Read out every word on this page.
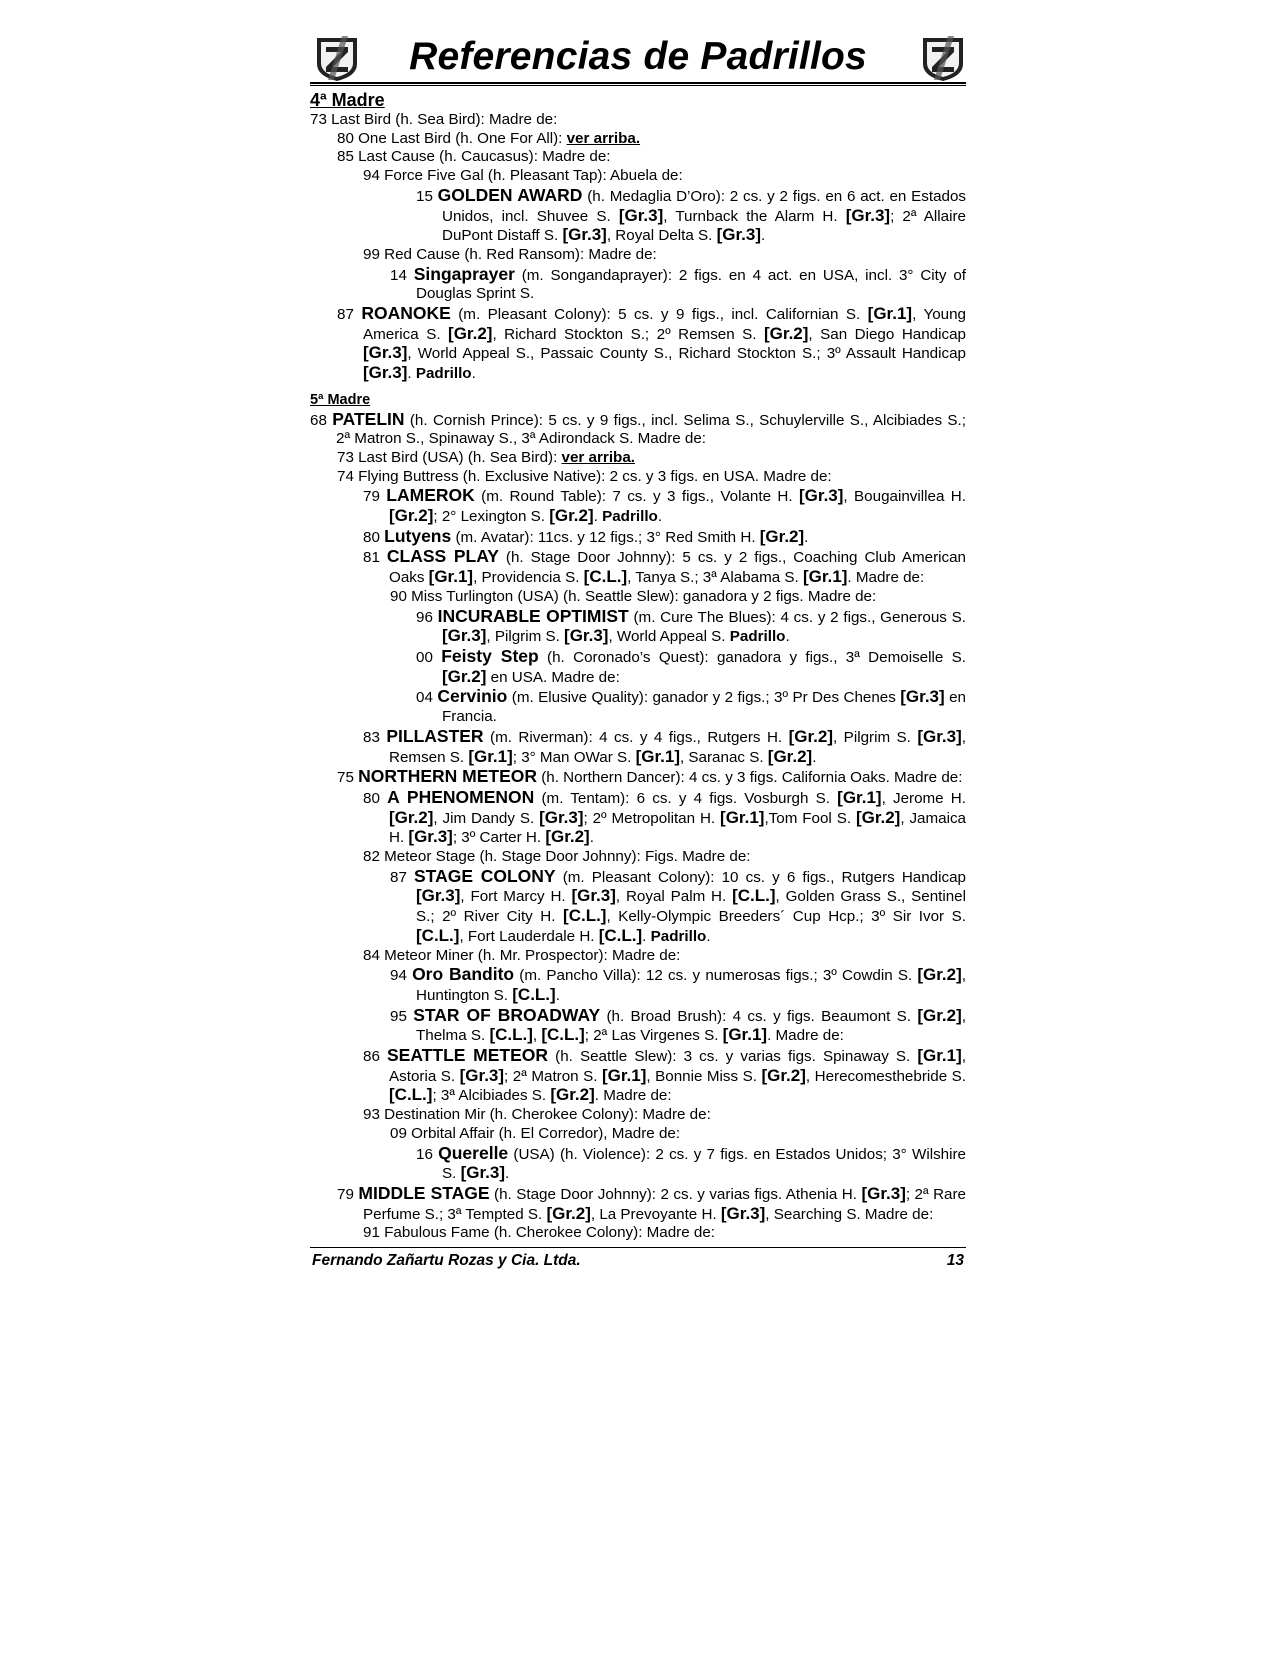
Referencias de Padrillos
4ª Madre
73 Last Bird (h. Sea Bird): Madre de:
80 One Last Bird (h. One For All): ver arriba.
85 Last Cause (h. Caucasus): Madre de:
94 Force Five Gal (h. Pleasant Tap): Abuela de:
15 GOLDEN AWARD (h. Medaglia D’Oro): 2 cs. y 2 figs. en 6 act. en Estados Unidos, incl. Shuvee S. [Gr.3], Turnback the Alarm H. [Gr.3]; 2ª Allaire DuPont Distaff S. [Gr.3], Royal Delta S. [Gr.3].
99 Red Cause (h. Red Ransom): Madre de:
14 Singaprayer (m. Songandaprayer): 2 figs. en 4 act. en USA, incl. 3° City of Douglas Sprint S.
87 ROANOKE (m. Pleasant Colony): 5 cs. y 9 figs., incl. Californian S. [Gr.1], Young America S. [Gr.2], Richard Stockton S.; 2º Remsen S. [Gr.2], San Diego Handicap [Gr.3], World Appeal S., Passaic County S., Richard Stockton S.; 3º Assault Handicap [Gr.3]. Padrillo.
5ª Madre
68 PATELIN (h. Cornish Prince): 5 cs. y 9 figs., incl. Selima S., Schuylerville S., Alcibiades S.; 2ª Matron S., Spinaway S., 3ª Adirondack S. Madre de:
73 Last Bird (USA) (h. Sea Bird): ver arriba.
74 Flying Buttress (h. Exclusive Native): 2 cs. y 3 figs. en USA. Madre de:
79 LAMEROK (m. Round Table): 7 cs. y 3 figs., Volante H. [Gr.3], Bougainvillea H. [Gr.2]; 2° Lexington S. [Gr.2]. Padrillo.
80 Lutyens (m. Avatar): 11cs. y 12 figs.; 3° Red Smith H. [Gr.2].
81 CLASS PLAY (h. Stage Door Johnny): 5 cs. y 2 figs., Coaching Club American Oaks [Gr.1], Providencia S. [C.L.], Tanya S.; 3ª Alabama S. [Gr.1]. Madre de:
90 Miss Turlington (USA) (h. Seattle Slew): ganadora y 2 figs. Madre de:
96 INCURABLE OPTIMIST (m. Cure The Blues): 4 cs. y 2 figs., Generous S. [Gr.3], Pilgrim S. [Gr.3], World Appeal S. Padrillo.
00 Feisty Step (h. Coronado’s Quest): ganadora y figs., 3ª Demoiselle S. [Gr.2] en USA. Madre de:
04 Cervinio (m. Elusive Quality): ganador y 2 figs.; 3º Pr Des Chenes [Gr.3] en Francia.
83 PILLASTER (m. Riverman): 4 cs. y 4 figs., Rutgers H. [Gr.2], Pilgrim S. [Gr.3], Remsen S. [Gr.1]; 3° Man OWar S. [Gr.1], Saranac S. [Gr.2].
75 NORTHERN METEOR (h. Northern Dancer): 4 cs. y 3 figs. California Oaks. Madre de:
80 A PHENOMENON (m. Tentam): 6 cs. y 4 figs. Vosburgh S. [Gr.1], Jerome H. [Gr.2], Jim Dandy S. [Gr.3]; 2º Metropolitan H. [Gr.1],Tom Fool S. [Gr.2], Jamaica H. [Gr.3]; 3º Carter H. [Gr.2].
82 Meteor Stage (h. Stage Door Johnny): Figs. Madre de:
87 STAGE COLONY (m. Pleasant Colony): 10 cs. y 6 figs., Rutgers Handicap [Gr.3], Fort Marcy H. [Gr.3], Royal Palm H. [C.L.], Golden Grass S., Sentinel S.; 2º River City H. [C.L.], Kelly-Olympic Breeders´ Cup Hcp.; 3º Sir Ivor S. [C.L.], Fort Lauderdale H. [C.L.]. Padrillo.
84 Meteor Miner (h. Mr. Prospector): Madre de:
94 Oro Bandito (m. Pancho Villa): 12 cs. y numerosas figs.; 3º Cowdin S. [Gr.2], Huntington S. [C.L.].
95 STAR OF BROADWAY (h. Broad Brush): 4 cs. y figs. Beaumont S. [Gr.2], Thelma S. [C.L.], [C.L.]; 2ª Las Virgenes S. [Gr.1]. Madre de:
86 SEATTLE METEOR (h. Seattle Slew): 3 cs. y varias figs. Spinaway S. [Gr.1], Astoria S. [Gr.3]; 2ª Matron S. [Gr.1], Bonnie Miss S. [Gr.2], Herecomesthebride S. [C.L.]; 3ª Alcibiades S. [Gr.2]. Madre de:
93 Destination Mir (h. Cherokee Colony): Madre de:
09 Orbital Affair (h. El Corredor), Madre de:
16 Querelle (USA) (h. Violence): 2 cs. y 7 figs. en Estados Unidos; 3° Wilshire S. [Gr.3].
79 MIDDLE STAGE (h. Stage Door Johnny): 2 cs. y varias figs. Athenia H. [Gr.3]; 2ª Rare Perfume S.; 3ª Tempted S. [Gr.2], La Prevoyante H. [Gr.3], Searching S. Madre de:
91 Fabulous Fame (h. Cherokee Colony): Madre de:
Fernando Zañartu Rozas y Cia. Ltda.	13
